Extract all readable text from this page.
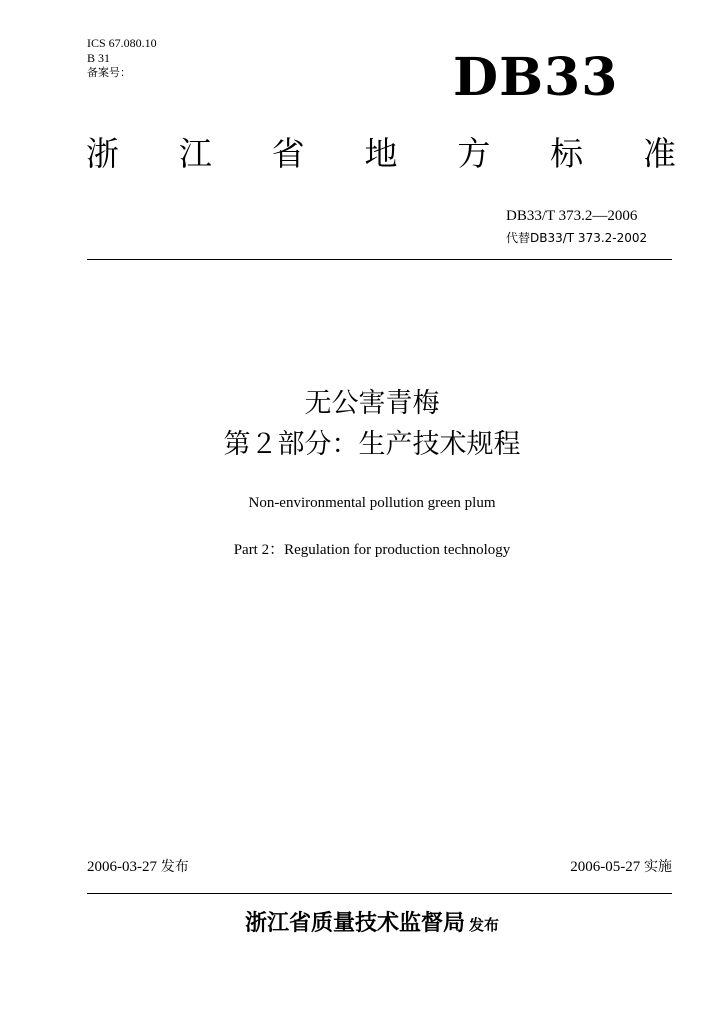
ICS 67.080.10
B 31
备案号：	DB33
浙 江 省 地 方 标 准
DB33/T 373.2—2006
代替DB33/T 373.2-2002
无公害青梅
第２部分：生产技术规程
Non-environmental pollution green plum
Part 2：Regulation for production technology
2006-03-27 发布	2006-05-27 实施
浙江省质量技术监督局 发布
